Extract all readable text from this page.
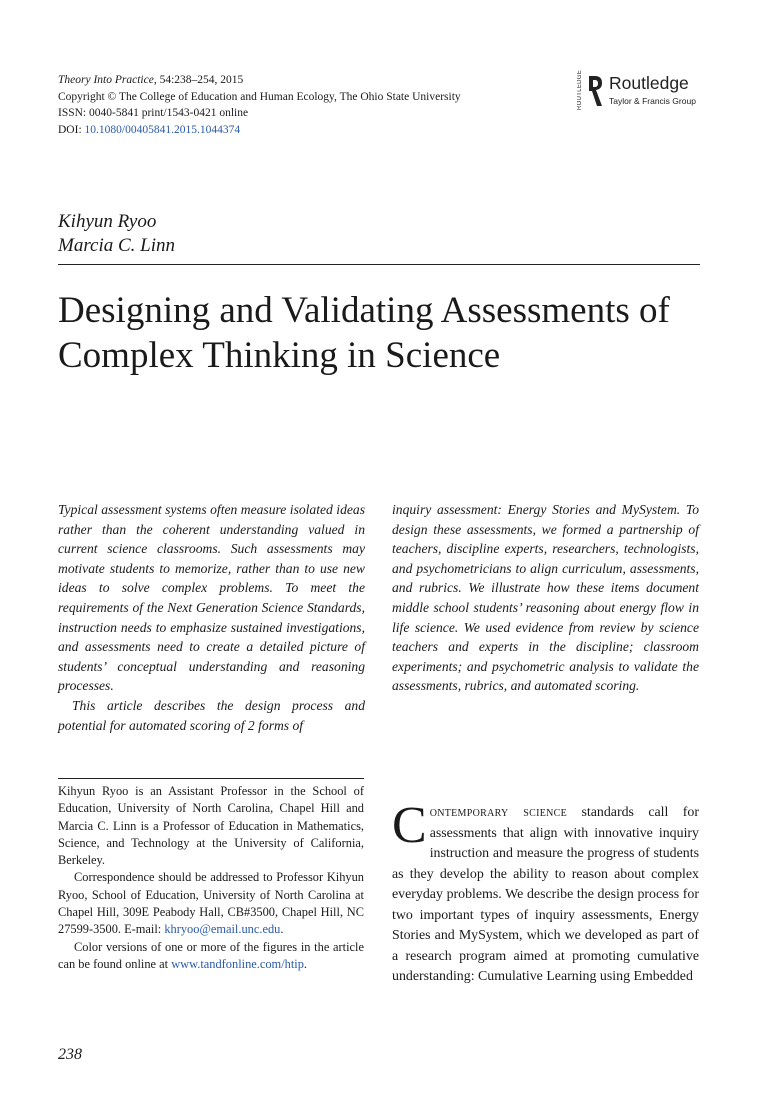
Theory Into Practice, 54:238–254, 2015
Copyright © The College of Education and Human Ecology, The Ohio State University
ISSN: 0040-5841 print/1543-0421 online
DOI: 10.1080/00405841.2015.1044374
ROUTLEDGE Routledge
Taylor & Francis Group
Kihyun Ryoo
Marcia C. Linn
Designing and Validating Assessments of Complex Thinking in Science

Typical assessment systems often measure isolated ideas rather than the coherent understanding valued in current science classrooms. Such assessments may motivate students to memorize, rather than to use new ideas to solve complex problems. To meet the requirements of the Next Generation Science Standards, instruction needs to emphasize sustained investigations, and assessments need to create a detailed picture of students’ conceptual understanding and reasoning processes.

This article describes the design process and potential for automated scoring of 2 forms of

inquiry assessment: Energy Stories and MySystem. To design these assessments, we formed a partnership of teachers, discipline experts, researchers, technologists, and psychometricians to align curriculum, assessments, and rubrics. We illustrate how these items document middle school students’ reasoning about energy flow in life science. We used evidence from review by science teachers and experts in the discipline; classroom experiments; and psychometric analysis to validate the assessments, rubrics, and automated scoring.

Kihyun Ryoo is an Assistant Professor in the School of Education, University of North Carolina, Chapel Hill and Marcia C. Linn is a Professor of Education in Mathematics, Science, and Technology at the University of California, Berkeley.

Correspondence should be addressed to Professor Kihyun Ryoo, School of Education, University of North Carolina at Chapel Hill, 309E Peabody Hall, CB#3500, Chapel Hill, NC 27599-3500. E-mail: khryoo@email.unc.edu.

Color versions of one or more of the figures in the article can be found online at www.tandfonline.com/htip.

Contemporary science standards call for assessments that align with innovative inquiry instruction and measure the progress of students as they develop the ability to reason about complex everyday problems. We describe the design process for two important types of inquiry assessments, Energy Stories and MySystem, which we developed as part of a research program aimed at promoting cumulative understanding: Cumulative Learning using Embedded

238
